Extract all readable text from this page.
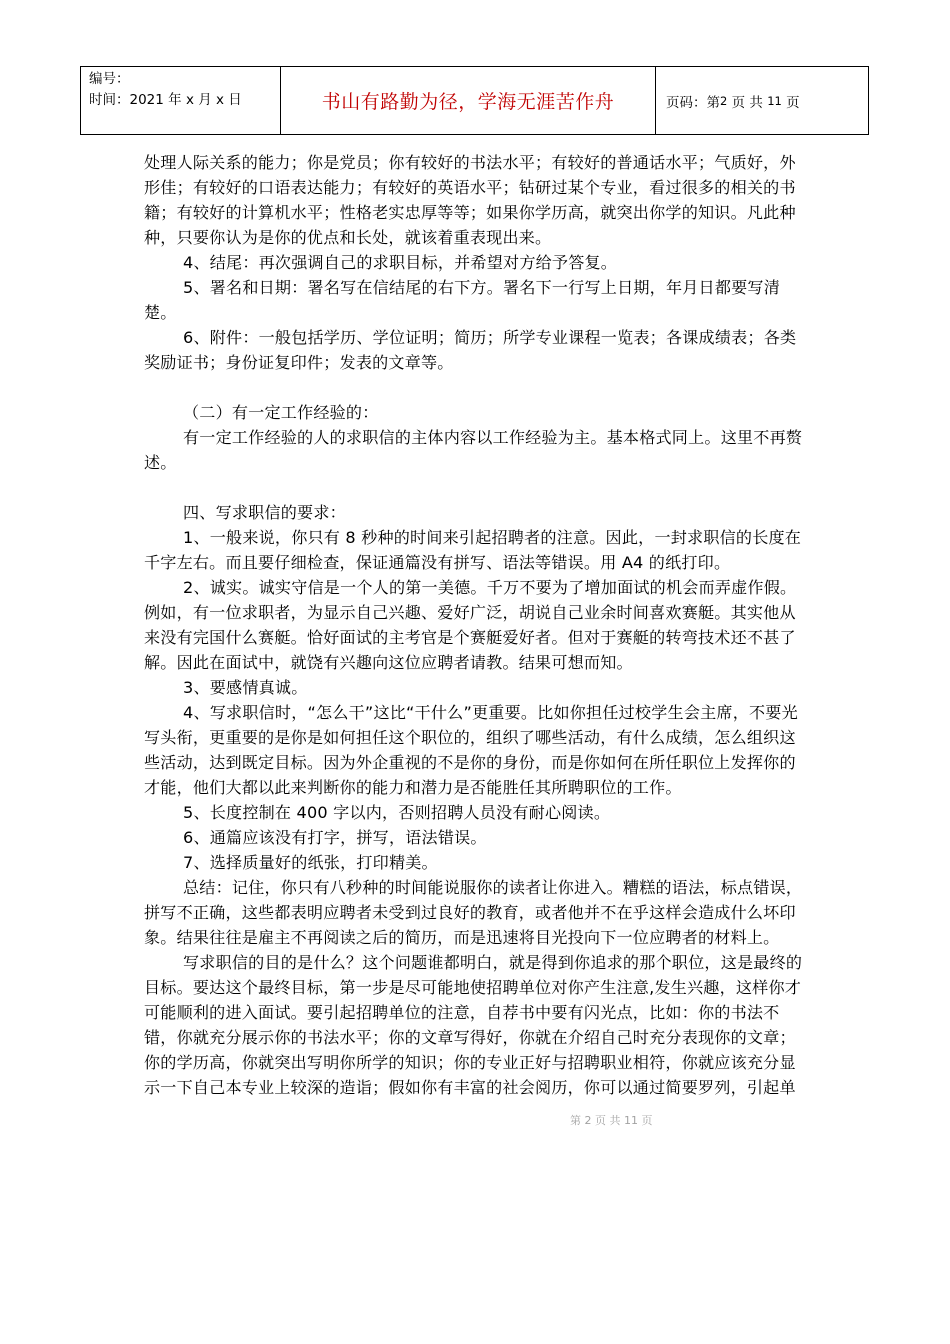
编号：
时间：2021 年 x 月 x 日	书山有路勤为径，学海无涯苦作舟	页码：第 2
页 共
11
页

处理人际关系的能力；你是党员；你有较好的书法水平；有较好的普通话水平；气质好，外形佳；有较好的口语表达能力；有较好的英语水平；钻研过某个专业，看过很多的相关的书籍；有较好的计算机水平；性格老实忠厚等等；如果你学历高，就突出你学的知识。凡此种种，只要你认为是你的优点和长处，就该着重表现出来。

4、结尾：再次强调自己的求职目标，并希望对方给予答复。

5、署名和日期：署名写在信结尾的右下方。署名下一行写上日期，年月日都要写清楚。

6、附件：一般包括学历、学位证明；简历；所学专业课程一览表；各课成绩表；各类奖励证书；身份证复印件；发表的文章等。

（二）有一定工作经验的：

有一定工作经验的人的求职信的主体内容以工作经验为主。基本格式同上。这里不再赘述。

四、写求职信的要求：

1、一般来说，你只有 8 秒种的时间来引起招聘者的注意。因此，一封求职信的长度在千字左右。而且要仔细检查，保证通篇没有拼写、语法等错误。用 A4 的纸打印。

2、诚实。诚实守信是一个人的第一美德。千万不要为了增加面试的机会而弄虚作假。例如，有一位求职者，为显示自己兴趣、爱好广泛，胡说自己业余时间喜欢赛艇。其实他从来没有完国什么赛艇。恰好面试的主考官是个赛艇爱好者。但对于赛艇的转弯技术还不甚了解。因此在面试中，就饶有兴趣向这位应聘者请教。结果可想而知。

3、要感情真诚。

4、写求职信时，“怎么干”这比“干什么”更重要。比如你担任过校学生会主席，不要光写头衔，更重要的是你是如何担任这个职位的，组织了哪些活动，有什么成绩，怎么组织这些活动，达到既定目标。因为外企重视的不是你的身份，而是你如何在所任职位上发挥你的才能，他们大都以此来判断你的能力和潜力是否能胜任其所聘职位的工作。

5、长度控制在 400 字以内，否则招聘人员没有耐心阅读。

6、通篇应该没有打字，拼写，语法错误。

7、选择质量好的纸张，打印精美。

总结：记住，你只有八秒种的时间能说服你的读者让你进入。糟糕的语法，标点错误，拼写不正确，这些都表明应聘者未受到过良好的教育，或者他并不在乎这样会造成什么坏印象。结果往往是雇主不再阅读之后的简历，而是迅速将目光投向下一位应聘者的材料上。

写求职信的目的是什么？这个问题谁都明白，就是得到你追求的那个职位，这是最终的目标。要达这个最终目标，第一步是尽可能地使招聘单位对你产生注意,发生兴趣，这样你才可能顺利的进入面试。要引起招聘单位的注意，自荐书中要有闪光点，比如：你的书法不错，你就充分展示你的书法水平；你的文章写得好，你就在介绍自己时充分表现你的文章；你的学历高，你就突出写明你所学的知识；你的专业正好与招聘职业相符，你就应该充分显示一下自己本专业上较深的造诣；假如你有丰富的社会阅历，你可以通过简要罗列，引起单

第 2 页 共 11 页
